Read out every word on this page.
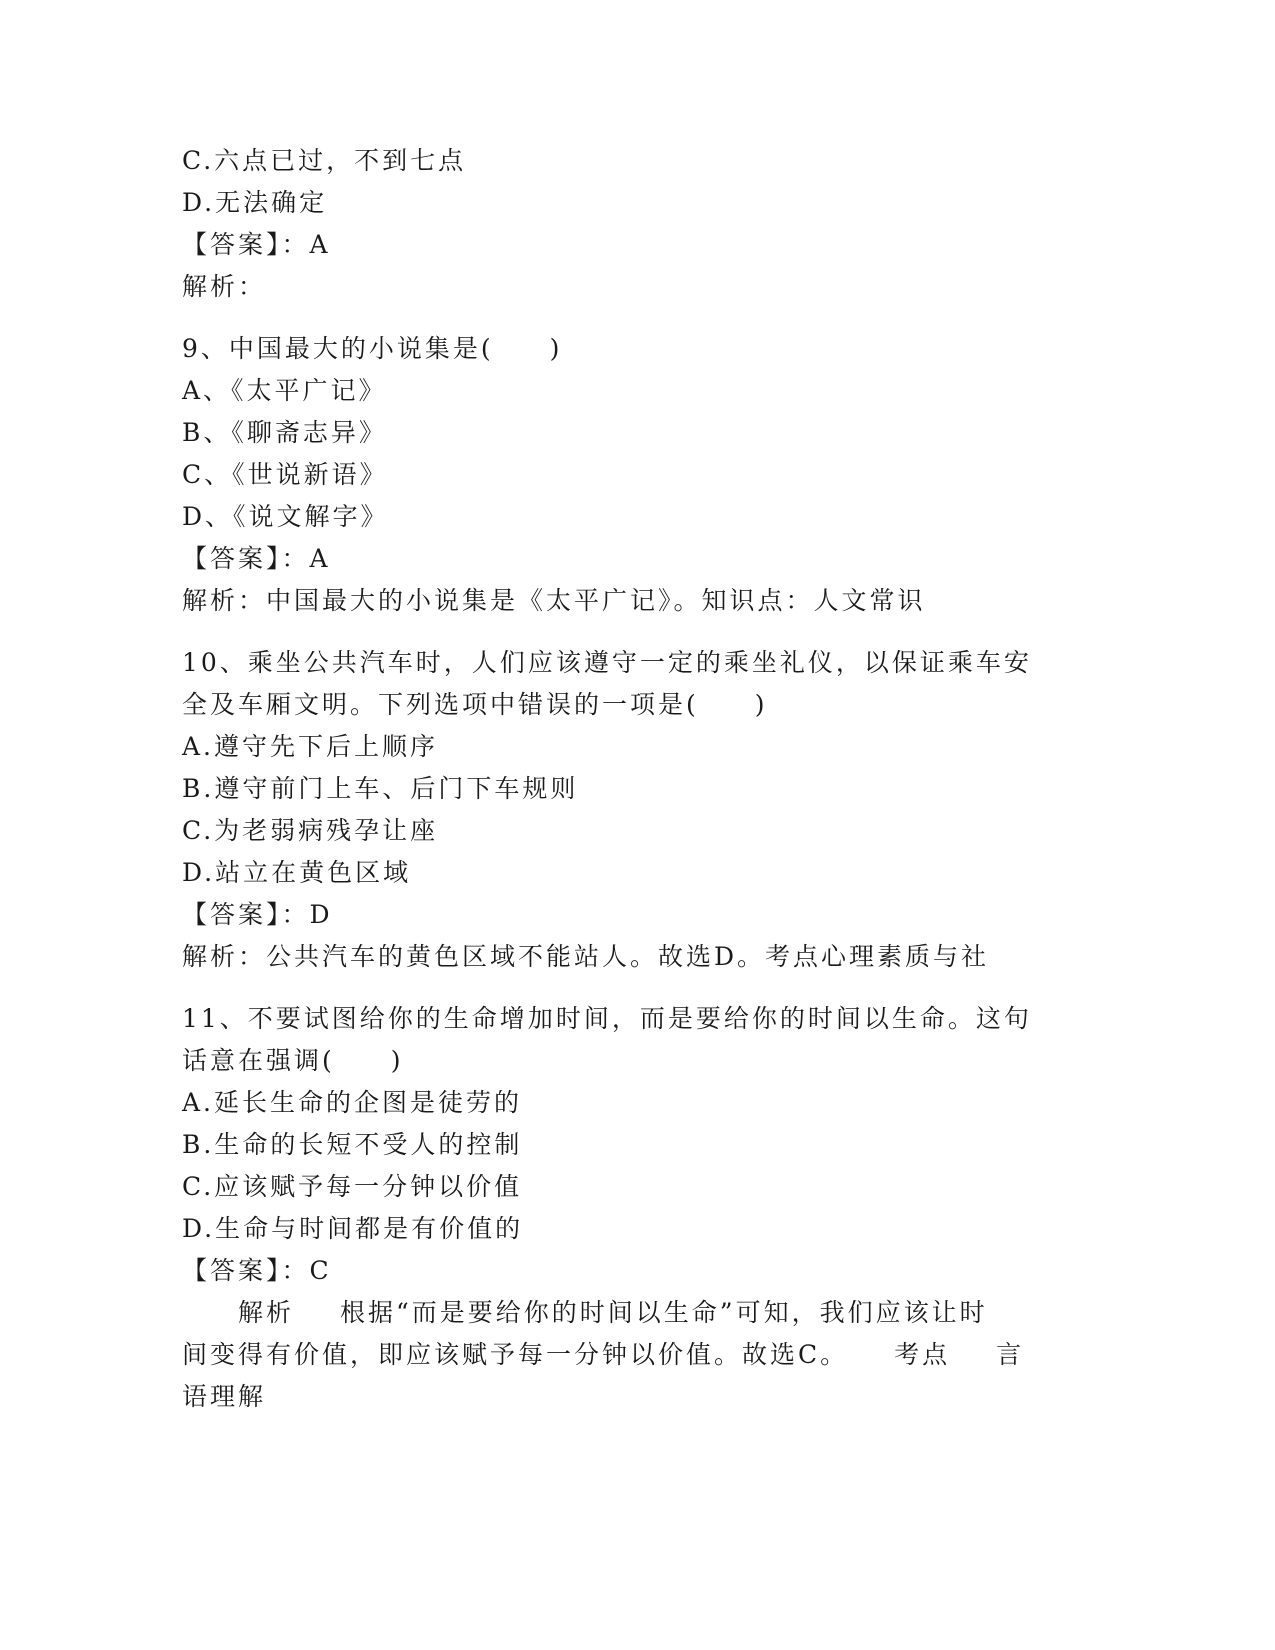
C.六点已过，不到七点
D.无法确定
【答案】：A
解析：
9、中国最大的小说集是(　　)
A、《太平广记》
B、《聊斋志异》
C、《世说新语》
D、《说文解字》
【答案】：A
解析：中国最大的小说集是《太平广记》。知识点：人文常识
10、乘坐公共汽车时，人们应该遵守一定的乘坐礼仪，以保证乘车安
全及车厢文明。下列选项中错误的一项是(　　)
A.遵守先下后上顺序
B.遵守前门上车、后门下车规则
C.为老弱病残孕让座
D.站立在黄色区域
【答案】：D
解析：公共汽车的黄色区域不能站人。故选D。考点心理素质与社
11、不要试图给你的生命增加时间，而是要给你的时间以生命。这句
话意在强调(　　)
A.延长生命的企图是徒劳的
B.生命的长短不受人的控制
C.应该赋予每一分钟以价值
D.生命与时间都是有价值的
【答案】：C
解析 根据“而是要给你的时间以生命”可知，我们应该让时
间变得有价值，即应该赋予每一分钟以价值。故选C。 考点 言
语理解
